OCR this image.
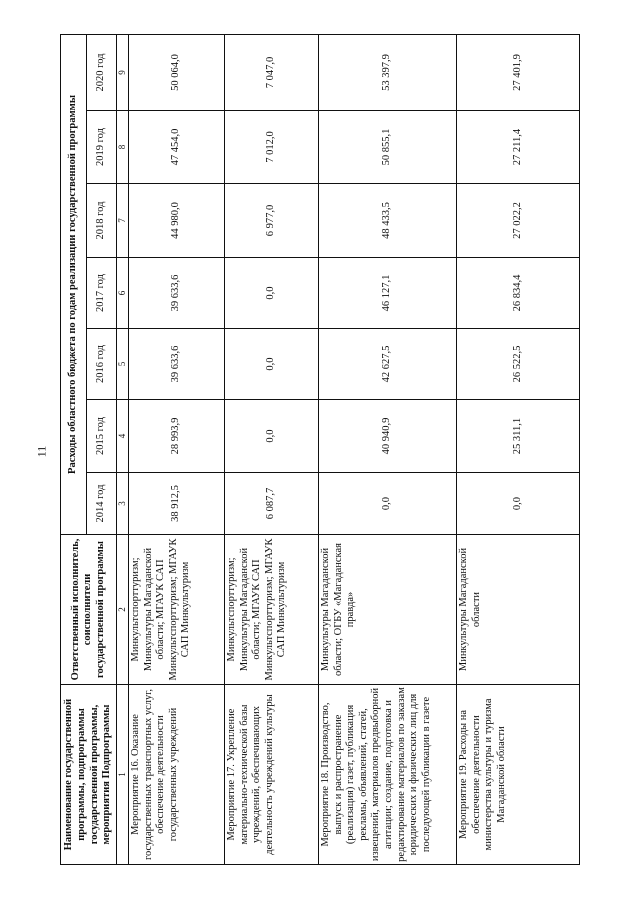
11
Наименование государственной программы, подпрограммы государственной программы, мероприятия Подпрограммы	Ответственный исполнитель, соисполнители государственной программы	Расходы областного бюджета по годам реализации государственной программы						
		2014 год	2015 год	2016 год	2017 год	2018 год	2019 год	2020 год
1	2	3	4	5	6	7	8	9
Мероприятие 16. Оказание государственных транспортных услуг, обеспечение деятельности государственных учреждений	Минкультспорттуризм; Минкультуры Магаданской области; МГАУК САП Минкультспорттуризм; МГАУК САП Минкультуризм	38 912,5	28 993,9	39 633,6	39 633,6	44 980,0	47 454,0	50 064,0
Мероприятие 17. Укрепление материально-технической базы учреждений, обеспечивающих деятельность учреждений культуры	Минкультспорттуризм; Минкультуры Магаданской области; МГАУК САП Минкультспорттуризм; МГАУК САП Минкультуризм	6 087,7	0,0	0,0	0,0	6 977,0	7 012,0	7 047,0
Мероприятие 18. Производство, выпуск и распространение (реализация) газет, публикация рекламы, объявлений, статей, извещений, материалов предвыборной агитации; создание, подготовка и редактирование материалов по заказам юридических и физических лиц для последующей публикации в газете	Минкультуры Магаданской области; ОГБУ «Магаданская правда»	0,0	40 940,9	42 627,5	46 127,1	48 433,5	50 855,1	53 397,9
Мероприятие 19. Расходы на обеспечение деятельности министерства культуры и туризма Магаданской области	Минкультуры Магаданской области	0,0	25 311,1	26 522,5	26 834,4	27 022,2	27 211,4	27 401,9
